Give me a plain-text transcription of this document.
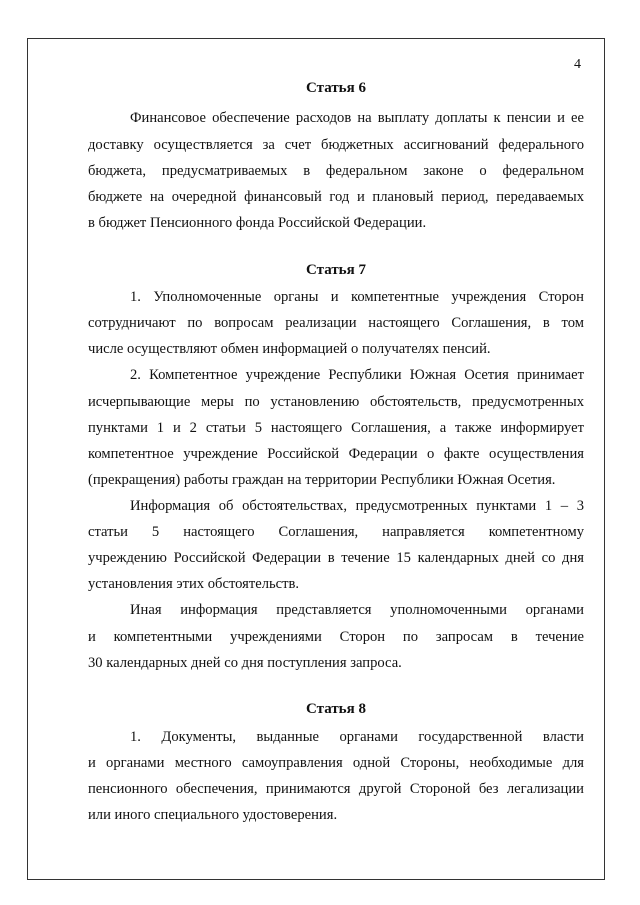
4
Статья 6
Финансовое обеспечение расходов на выплату доплаты к пенсии и ее
доставку осуществляется за счет бюджетных ассигнований федерального
бюджета, предусматриваемых в федеральном законе о федеральном
бюджете на очередной финансовый год и плановый период, передаваемых
в бюджет Пенсионного фонда Российской Федерации.
Статья 7
1. Уполномоченные органы и компетентные учреждения Сторон
сотрудничают по вопросам реализации настоящего Соглашения, в том
числе осуществляют обмен информацией о получателях пенсий.
2. Компетентное учреждение Республики Южная Осетия принимает
исчерпывающие меры по установлению обстоятельств, предусмотренных
пунктами 1 и 2 статьи 5 настоящего Соглашения, а также информирует
компетентное учреждение Российской Федерации о факте осуществления
(прекращения) работы граждан на территории Республики Южная Осетия.
Информация об обстоятельствах, предусмотренных пунктами 1 – 3
статьи 5 настоящего Соглашения, направляется компетентному
учреждению Российской Федерации в течение 15 календарных дней со дня
установления этих обстоятельств.
Иная информация представляется уполномоченными органами
и компетентными учреждениями Сторон по запросам в течение
30 календарных дней со дня поступления запроса.
Статья 8
1. Документы, выданные органами государственной власти
и органами местного самоуправления одной Стороны, необходимые для
пенсионного обеспечения, принимаются другой Стороной без легализации
или иного специального удостоверения.
